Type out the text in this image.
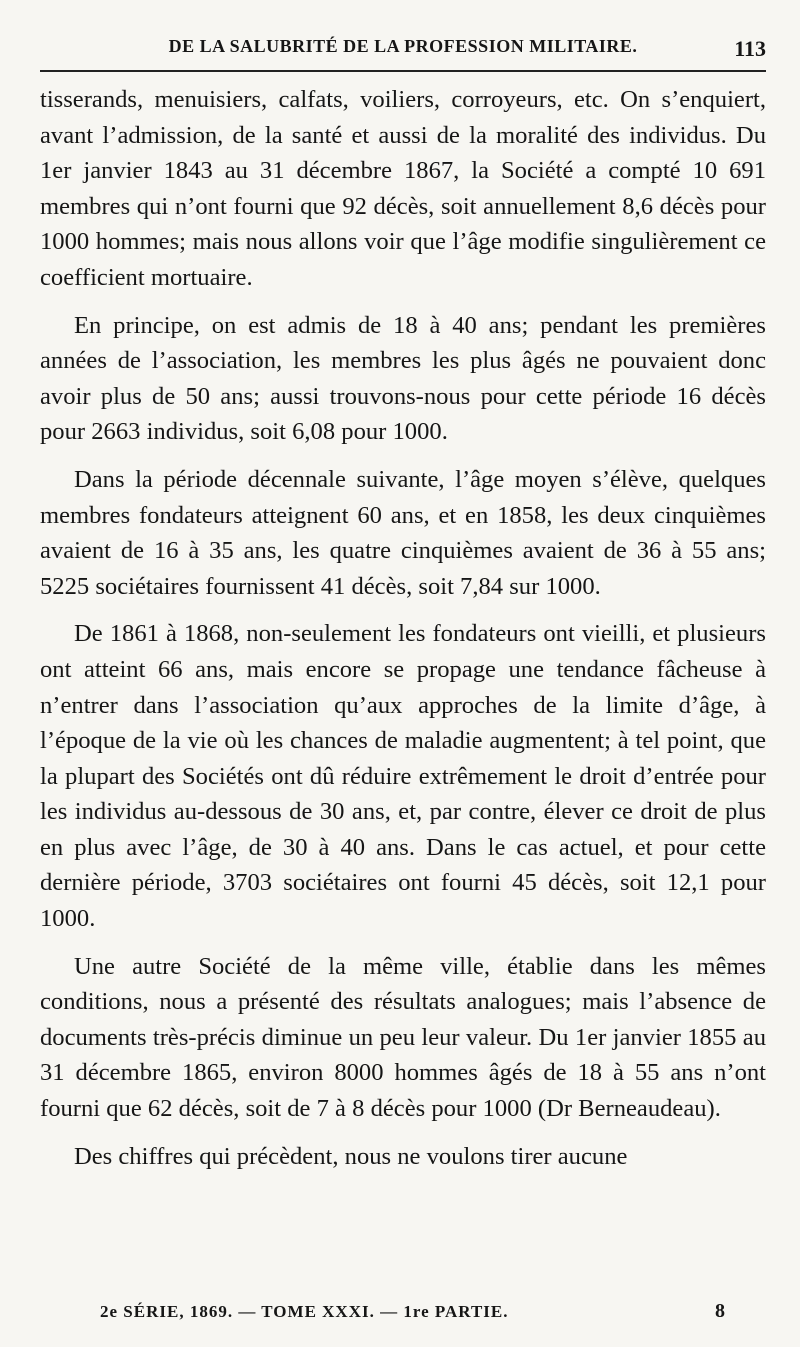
DE LA SALUBRITÉ DE LA PROFESSION MILITAIRE.	113

tisserands, menuisiers, calfats, voiliers, corroyeurs, etc. On s’enquiert, avant l’admission, de la santé et aussi de la moralité des individus. Du 1er janvier 1843 au 31 décembre 1867, la Société a compté 10 691 membres qui n’ont fourni que 92 décès, soit annuellement 8,6 décès pour 1000 hommes; mais nous allons voir que l’âge modifie singulièrement ce coefficient mortuaire.

En principe, on est admis de 18 à 40 ans; pendant les premières années de l’association, les membres les plus âgés ne pouvaient donc avoir plus de 50 ans; aussi trouvons-nous pour cette période 16 décès pour 2663 individus, soit 6,08 pour 1000.

Dans la période décennale suivante, l’âge moyen s’élève, quelques membres fondateurs atteignent 60 ans, et en 1858, les deux cinquièmes avaient de 16 à 35 ans, les quatre cinquièmes avaient de 36 à 55 ans; 5225 sociétaires fournissent 41 décès, soit 7,84 sur 1000.

De 1861 à 1868, non-seulement les fondateurs ont vieilli, et plusieurs ont atteint 66 ans, mais encore se propage une tendance fâcheuse à n’entrer dans l’association qu’aux approches de la limite d’âge, à l’époque de la vie où les chances de maladie augmentent; à tel point, que la plupart des Sociétés ont dû réduire extrêmement le droit d’entrée pour les individus au-dessous de 30 ans, et, par contre, élever ce droit de plus en plus avec l’âge, de 30 à 40 ans. Dans le cas actuel, et pour cette dernière période, 3703 sociétaires ont fourni 45 décès, soit 12,1 pour 1000.

Une autre Société de la même ville, établie dans les mêmes conditions, nous a présenté des résultats analogues; mais l’absence de documents très-précis diminue un peu leur valeur. Du 1er janvier 1855 au 31 décembre 1865, environ 8000 hommes âgés de 18 à 55 ans n’ont fourni que 62 décès, soit de 7 à 8 décès pour 1000 (Dr Berneaudeau).

Des chiffres qui précèdent, nous ne voulons tirer aucune

2e SÉRIE, 1869. — TOME XXXI. — 1re PARTIE.	8
